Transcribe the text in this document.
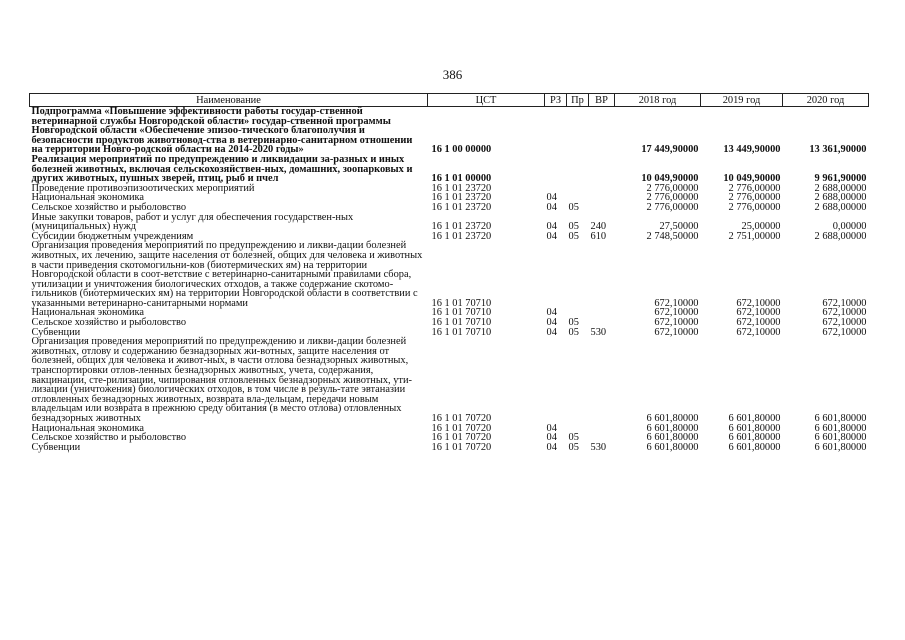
386
Наименование	ЦСТ	РЗ	Пр	ВР	2018 год	2019 год	2020 год
Подпрограмма «Повышение эффективности работы государ-ственной ветеринарной службы Новгородской области» государ-ственной программы Новгородской области «Обеспечение эпизоо-тического благополучия и безопасности продуктов животновод-ства в ветеринарно-санитарном отношении на территории Новго-родской области на 2014-2020 годы»	16 1 00 00000				17 449,90000	13 449,90000	13 361,90000
Реализация мероприятий по предупреждению и ликвидации за-разных и иных болезней животных, включая сельскохозяйствен-ных, домашних, зоопарковых и других животных, пушных зверей, птиц, рыб и пчел	16 1 01 00000				10 049,90000	10 049,90000	9 961,90000
Проведение противоэпизоотических мероприятий	16 1 01 23720				2 776,00000	2 776,00000	2 688,00000
Национальная экономика	16 1 01 23720	04			2 776,00000	2 776,00000	2 688,00000
Сельское хозяйство и рыболовство	16 1 01 23720	04	05		2 776,00000	2 776,00000	2 688,00000
Иные закупки товаров, работ и услуг для обеспечения государствен-ных (муниципальных) нужд	16 1 01 23720	04	05	240	27,50000	25,00000	0,00000
Субсидии бюджетным учреждениям	16 1 01 23720	04	05	610	2 748,50000	2 751,00000	2 688,00000
Организация проведения мероприятий по предупреждению и ликви-дации болезней животных, их лечению, защите населения от болезней, общих для человека и животных в части приведения скотомогильни-ков (биотермических ям) на территории Новгородской области в соот-ветствие с ветеринарно-санитарными правилами сбора, утилизации и уничтожения биологических отходов, а также содержание скотомо-гильников (биотермических ям) на территории Новгородской области в соответствии с указанными ветеринарно-санитарными нормами	16 1 01 70710				672,10000	672,10000	672,10000
Национальная экономика	16 1 01 70710	04			672,10000	672,10000	672,10000
Сельское хозяйство и рыболовство	16 1 01 70710	04	05		672,10000	672,10000	672,10000
Субвенции	16 1 01 70710	04	05	530	672,10000	672,10000	672,10000
Организация проведения мероприятий по предупреждению и ликви-дации болезней животных, отлову и содержанию безнадзорных жи-вотных, защите населения от болезней, общих для человека и живот-ных, в части отлова безнадзорных животных, транспортировки отлов-ленных безнадзорных животных, учета, содержания, вакцинации, сте-рилизации, чипирования отловленных безнадзорных животных, ути-лизации (уничтожения) биологических отходов, в том числе в резуль-тате эвтаназии отловленных безнадзорных животных, возврата вла-дельцам, передачи новым владельцам или возврата в прежнюю среду обитания (в место отлова) отловленных безнадзорных животных	16 1 01 70720				6 601,80000	6 601,80000	6 601,80000
Национальная экономика	16 1 01 70720	04			6 601,80000	6 601,80000	6 601,80000
Сельское хозяйство и рыболовство	16 1 01 70720	04	05		6 601,80000	6 601,80000	6 601,80000
Субвенции	16 1 01 70720	04	05	530	6 601,80000	6 601,80000	6 601,80000
